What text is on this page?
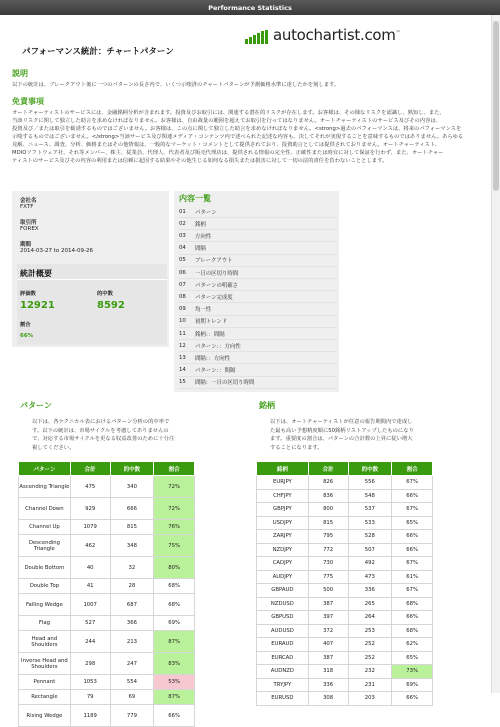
Performance Statistics
autochartist.com™
パフォーマンス統計：チャートパターン
説明
以下の統計は、ブレークアウト後に一つのパターンの長さ内で、いくつ示唆済のチャートパターンが予測価格水準に達したかを刻します。
免責事項
オートチャーティストのサービスには、金融銘柄分析が含まれます。投資及びお取引には、関連する潜在的リスクが存在します。お客様は、その様なリスクを認識し、熟知し、また、
当該リスクに関して独立した助言を求めなければなりません。お客様は、自由裁量の範囲を超えてお取引を行ってはなりません。オートチャーティストのサービス及びその内容は、
投資及び／または取引を勧誘するものではございません。お客様は、この点に関して独立した助言を求めなければなりません。<strong>過去のパフォーマンスは、将来のパフォーマンスを
示唆するものではございません。</strong>当該サービス及び関連メディア・コンテンツ内で述べられた記述な内容も、決してそれが実現することを意味するものではありません。あらゆる
見解、ニュース、調査、分析、価格またはその他情報は、一般的なマーケット・コメントとして提供されており、投資助言としては提供されておりません。オートチャーティスト、
MDIOソフトウェア社、それ等メンバー、株主、従業員、代理人、代表者及び販売代理店は、提供される情報の完全性、正確性または時宜に対して保証を行わず、また、オートチャー
ティストのサービス及びその内容の利用または信頼に起因する結果やその他生じる如何なる損失または損害に対して一切の法的責任を負わないこととします。
会社名
FXTF
取引所
FOREX
期間
2014-03-27 to 2014-09-26
統計概要
評価数	的中数
12921	8592
割合
66%
内容一覧
01	パターン
02	銘柄
03	方向性
04	間隔
05	ブレークアウト
06	一日の区切り時間
07	パターンの明確さ
08	パターン完成度
09	均一性
10	初期トレンド
11	銘柄：：間隔
12	パターン：：方向性
13	間隔：：方向性
14	パターン：：間隔
15	間隔：一日の区切り時間
パターン
以下は、各テクニカル表におけるパターン分析の的中率で
す。以下の統計は、市場サイクルを考慮してありませんの
で、対応する市場サイクルを更なる収益改善のために十分注
視してください。
銘柄
以下は、オートチャーティストが任意の報告期間内で達成し
た最も高い予想精度順に50銘柄リストアップしたものになり
ます。重要度の割合は、パターンの合計数の上昇に従い増大
することになります。
パターン	合計	的中数	割合
Ascending Triangle	475	340	72%
Channel Down	929	666	72%
Channel Up	1079	815	76%
Descending Triangle	462	348	75%
Double Bottom	40	32	80%
Double Top	41	28	68%
Falling Wedge	1007	687	68%
Flag	527	366	69%
Head and Shoulders	244	213	87%
Inverse Head and Shoulders	298	247	83%
Pennant	1053	554	53%
Rectangle	79	69	87%
Rising Wedge	1189	779	66%
銘柄	合計	的中数	割合
EURJPY	826	556	67%
CHFJPY	836	548	66%
GBPJPY	800	537	67%
USDJPY	815	533	65%
ZARJPY	795	528	66%
NZDJPY	772	507	66%
CADJPY	730	492	67%
AUDJPY	775	473	61%
GBPAUD	500	336	67%
NZDUSD	387	265	68%
GBPUSD	397	264	66%
AUDUSD	372	253	68%
EURAUD	407	252	62%
EURCAD	387	252	65%
AUDNZD	318	232	73%
TRYJPY	336	231	69%
EURUSD	308	203	66%
